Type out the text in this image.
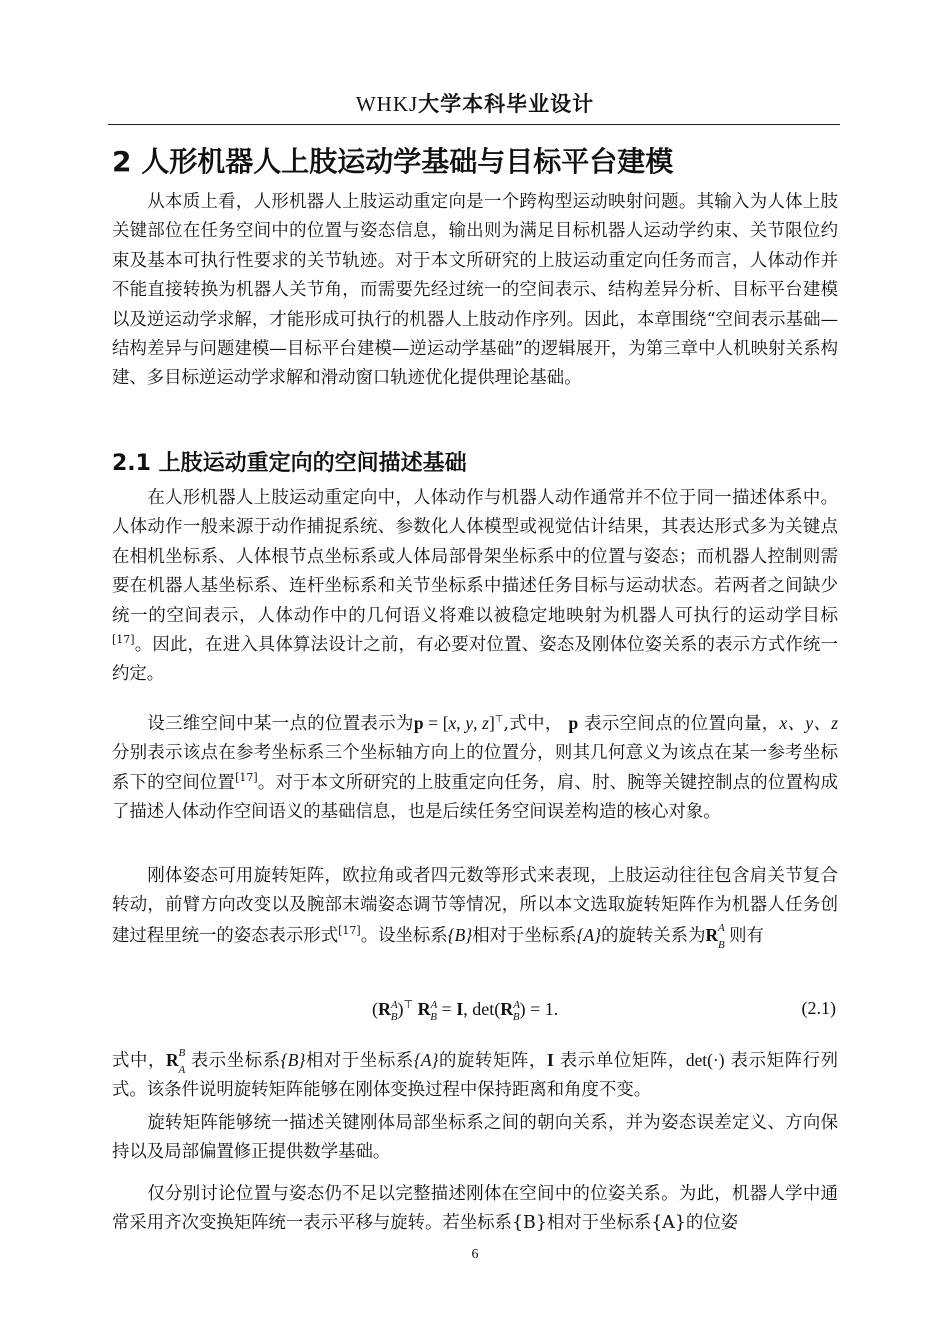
WHKJ大学本科毕业设计
2 人形机器人上肢运动学基础与目标平台建模
从本质上看，人形机器人上肢运动重定向是一个跨构型运动映射问题。其输入为人体上肢关键部位在任务空间中的位置与姿态信息，输出则为满足目标机器人运动学约束、关节限位约束及基本可执行性要求的关节轨迹。对于本文所研究的上肢运动重定向任务而言，人体动作并不能直接转换为机器人关节角，而需要先经过统一的空间表示、结构差异分析、目标平台建模以及逆运动学求解，才能形成可执行的机器人上肢动作序列。因此，本章围绕“空间表示基础—结构差异与问题建模—目标平台建模—逆运动学基础”的逻辑展开，为第三章中人机映射关系构建、多目标逆运动学求解和滑动窗口轨迹优化提供理论基础。
2.1 上肢运动重定向的空间描述基础
在人形机器人上肢运动重定向中，人体动作与机器人动作通常并不位于同一描述体系中。人体动作一般来源于动作捕捉系统、参数化人体模型或视觉估计结果，其表达形式多为关键点在相机坐标系、人体根节点坐标系或人体局部骨架坐标系中的位置与姿态；而机器人控制则需要在机器人基坐标系、连杆坐标系和关节坐标系中描述任务目标与运动状态。若两者之间缺少统一的空间表示，人体动作中的几何语义将难以被稳定地映射为机器人可执行的运动学目标[17]。因此，在进入具体算法设计之前，有必要对位置、姿态及刚体位姿关系的表示方式作统一约定。
设三维空间中某一点的位置表示为p = [x, y, z]⊤,式中， p 表示空间点的位置向量，x、y、z 分别表示该点在参考坐标系三个坐标轴方向上的位置分，则其几何意义为该点在某一参考坐标系下的空间位置[17]。对于本文所研究的上肢重定向任务，肩、肘、腕等关键控制点的位置构成了描述人体动作空间语义的基础信息，也是后续任务空间误差构造的核心对象。
刚体姿态可用旋转矩阵，欧拉角或者四元数等形式来表现，上肢运动往往包含肩关节复合转动，前臂方向改变以及腕部末端姿态调节等情况，所以本文选取旋转矩阵作为机器人任务创建过程里统一的姿态表示形式[17]。设坐标系{B}相对于坐标系{A}的旋转关系为R A
B 则有
$(R^A_B)^⊤$ $R^A_B = I$, $\det(R^A_B) = 1$.	(2.1)
式中，R B
A 表示坐标系{B}相对于坐标系{A}的旋转矩阵，I 表示单位矩阵，det(·) 表示矩阵行列式。该条件说明旋转矩阵能够在刚体变换过程中保持距离和角度不变。
旋转矩阵能够统一描述关键刚体局部坐标系之间的朝向关系，并为姿态误差定义、方向保持以及局部偏置修正提供数学基础。
仅分别讨论位置与姿态仍不足以完整描述刚体在空间中的位姿关系。为此，机器人学中通常采用齐次变换矩阵统一表示平移与旋转。若坐标系{B}相对于坐标系{A}的位姿
6
